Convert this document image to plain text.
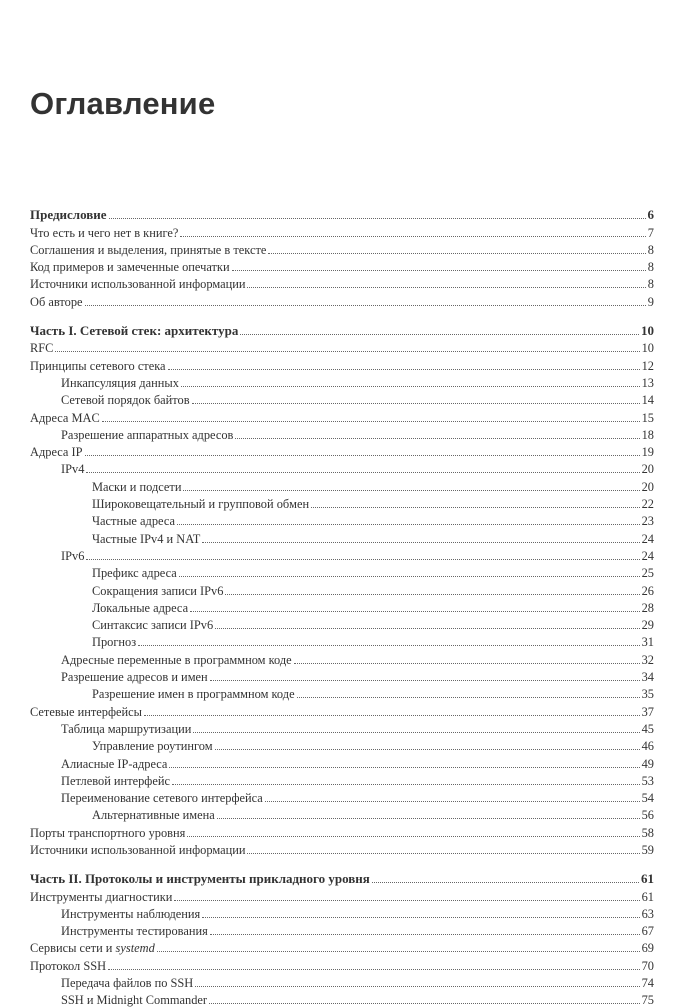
Оглавление
Предисловие	6
Что есть и чего нет в книге?	7
Соглашения и выделения, принятые в тексте	8
Код примеров и замеченные опечатки	8
Источники использованной информации	8
Об авторе	9
Часть I. Сетевой стек: архитектура	10
RFC	10
Принципы сетевого стека	12
Инкапсуляция данных	13
Сетевой порядок байтов	14
Адреса MAC	15
Разрешение аппаратных адресов	18
Адреса IP	19
IPv4	20
Маски и подсети	20
Широковещательный и групповой обмен	22
Частные адреса	23
Частные IPv4 и NAT	24
IPv6	24
Префикс адреса	25
Сокращения записи IPv6	26
Локальные адреса	28
Синтаксис записи IPv6	29
Прогноз	31
Адресные переменные в программном коде	32
Разрешение адресов и имен	34
Разрешение имен в программном коде	35
Сетевые интерфейсы	37
Таблица маршрутизации	45
Управление роутингом	46
Алиасные IP-адреса	49
Петлевой интерфейс	53
Переименование сетевого интерфейса	54
Альтернативные имена	56
Порты транспортного уровня	58
Источники использованной информации	59
Часть II. Протоколы и инструменты прикладного уровня	61
Инструменты диагностики	61
Инструменты наблюдения	63
Инструменты тестирования	67
Сервисы сети и systemd	69
Протокол SSH	70
Передача файлов по SSH	74
SSH и Midnight Commander	75
